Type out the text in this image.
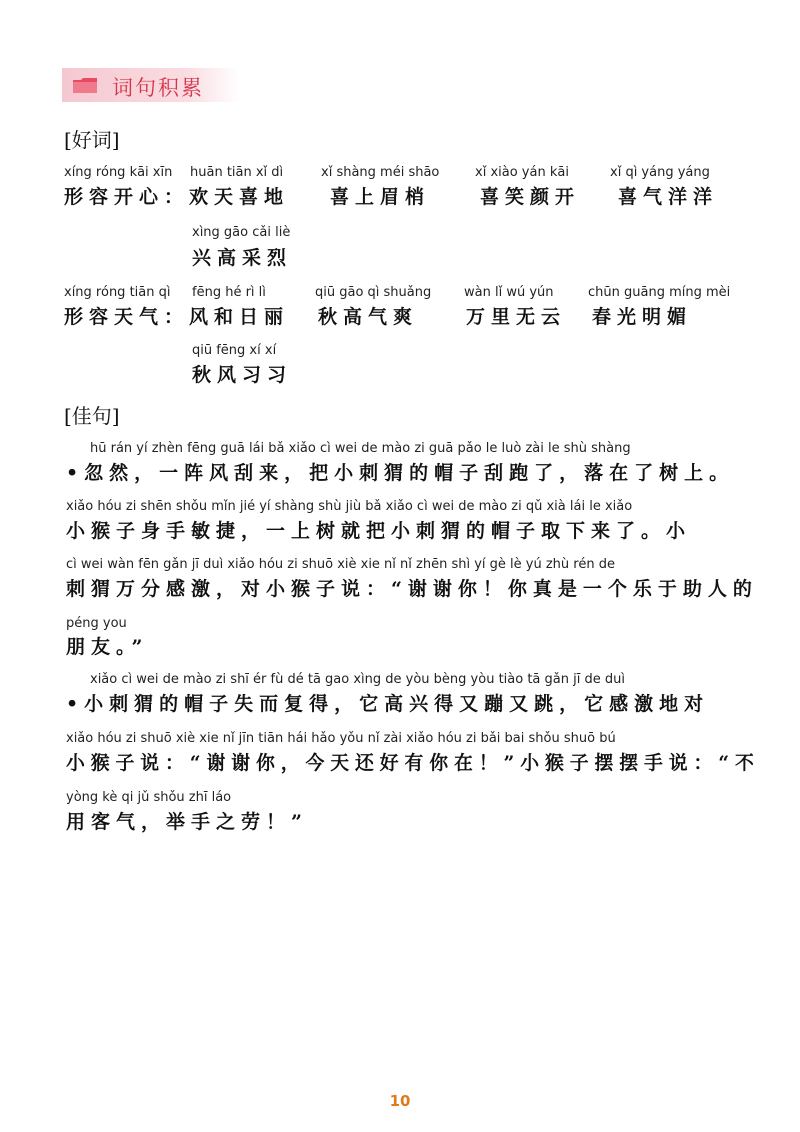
词句积累
[好词]
xíng róng kāi xīn huān tiān xǐ dì	xǐ shàng méi shāo	xǐ xiào yán kāi	xǐ qì yáng yáng
形容开心：欢天喜地 喜上眉梢	喜笑颜开 喜气洋洋
xìng gāo cǎi liè
兴高采烈
xíng róng tiān qì fēng hé rì lì	qiū gāo qì shuǎng	wàn lǐ wú yún	chūn guāng míng mèi
形容天气：风和日丽 秋高气爽	万里无云 春光明媚
qiū fēng xí xí
秋风习习
[佳句]
hū rán yí zhèn fēng guā lái bǎ xiǎo cì wei de mào zi guā pǎo le luò zài le shù shàng
•忽然，一阵风刮来，把小刺猬的帽子刮跑了，落在了树上。
xiǎo hóu zi shēn shǒu mǐn jié yí shàng shù jiù bǎ xiǎo cì wei de mào zi qǔ xià lái le xiǎo
小猴子身手敏捷，一上树就把小刺猬的帽子取下来了。小
cì wei wàn fēn gǎn jī duì xiǎo hóu zi shuō xiè xie nǐ nǐ zhēn shì yí gè lè yú zhù rén de
刺猬万分感激，对小猴子说：“谢谢你！你真是一个乐于助人的
péng you
朋友。”
xiǎo cì wei de mào zi shī ér fù dé tā gao xìng de yòu bèng yòu tiào tā gǎn jī de duì
•小刺猬的帽子失而复得，它高兴得又蹦又跳，它感激地对
xiǎo hóu zi shuō xiè xie nǐ jīn tiān hái hǎo yǒu nǐ zài xiǎo hóu zi bǎi bai shǒu shuō bú
小猴子说：“谢谢你，今天还好有你在！”小猴子摆摆手说：“不
yòng kè qi jǔ shǒu zhī láo
用客气，举手之劳！”
10
